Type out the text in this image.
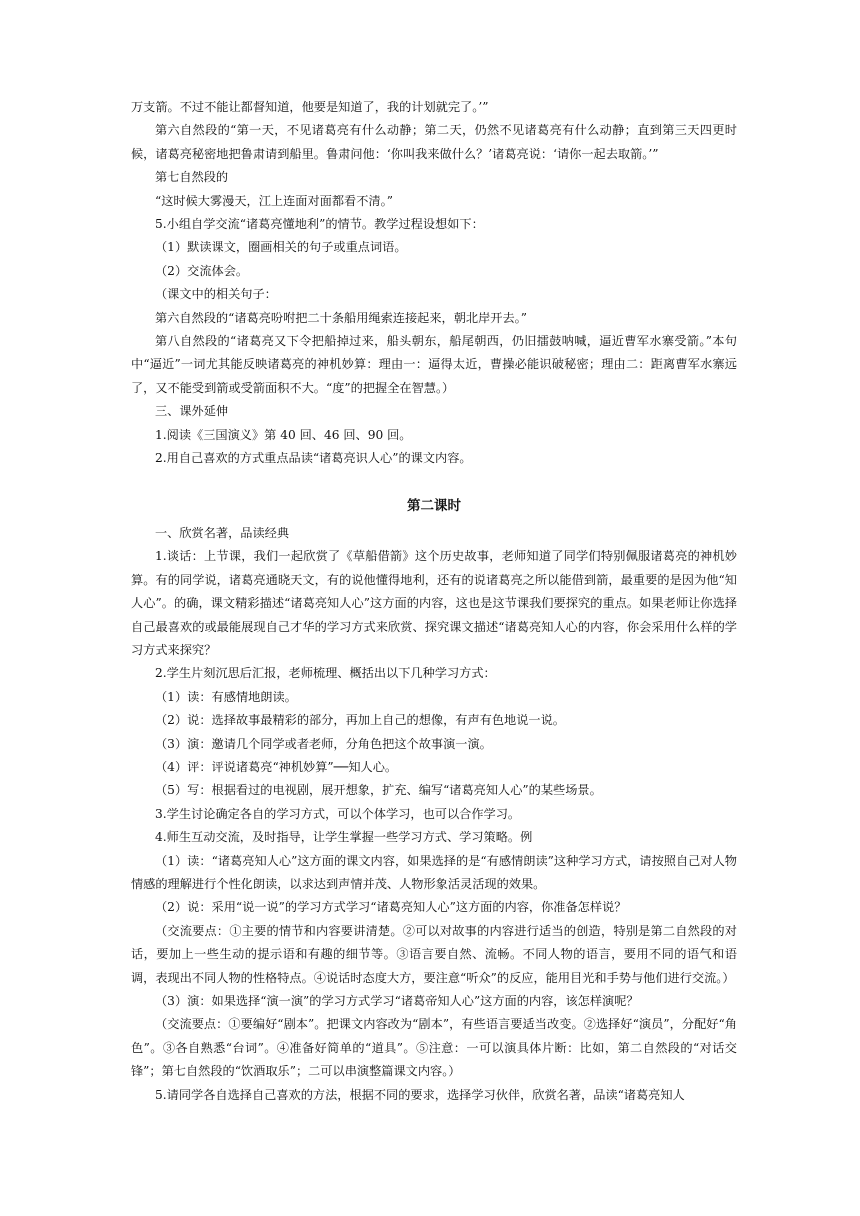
万支箭。不过不能让都督知道，他要是知道了，我的计划就完了。’”

第六自然段的“第一天，不见诸葛亮有什么动静；第二天，仍然不见诸葛亮有什么动静；直到第三天四更时候，诸葛亮秘密地把鲁肃请到船里。鲁肃问他：‘你叫我来做什么？’诸葛亮说：‘请你一起去取箭。’”

第七自然段的

“这时候大雾漫天，江上连面对面都看不清。”

5.小组自学交流“诸葛亮懂地利”的情节。教学过程设想如下：

（1）默读课文，圈画相关的句子或重点词语。

（2）交流体会。

（课文中的相关句子：

第六自然段的“诸葛亮吩咐把二十条船用绳索连接起来，朝北岸开去。”

第八自然段的“诸葛亮又下令把船掉过来，船头朝东，船尾朝西，仍旧擂鼓呐喊，逼近曹军水寨受箭。”本句中“逼近”一词尤其能反映诸葛亮的神机妙算：理由一：逼得太近，曹操必能识破秘密；理由二：距离曹军水寨远了，又不能受到箭或受箭面积不大。“度”的把握全在智慧。）

三、课外延伸

1.阅读《三国演义》第 40 回、46 回、90 回。

2.用自己喜欢的方式重点品读“诸葛亮识人心”的课文内容。

第二课时

一、欣赏名著，品读经典

1.谈话：上节课，我们一起欣赏了《草船借箭》这个历史故事，老师知道了同学们特别佩服诸葛亮的神机妙算。有的同学说，诸葛亮通晓天文，有的说他懂得地利，还有的说诸葛亮之所以能借到箭，最重要的是因为他“知人心”。的确，课文精彩描述“诸葛亮知人心”这方面的内容，这也是这节课我们要探究的重点。如果老师让你选择自己最喜欢的或最能展现自己才华的学习方式来欣赏、探究课文描述“诸葛亮知人心的内容，你会采用什么样的学习方式来探究？

2.学生片刻沉思后汇报，老师梳理、概括出以下几种学习方式：

（1）读：有感情地朗读。

（2）说：选择故事最精彩的部分，再加上自己的想像，有声有色地说一说。

（3）演：邀请几个同学或者老师，分角色把这个故事演一演。

（4）评：评说诸葛亮“神机妙算”──知人心。

（5）写：根据看过的电视剧，展开想象，扩充、编写“诸葛亮知人心”的某些场景。

3.学生讨论确定各自的学习方式，可以个体学习，也可以合作学习。

4.师生互动交流，及时指导，让学生掌握一些学习方式、学习策略。例

（1）读：“诸葛亮知人心”这方面的课文内容，如果选择的是“有感情朗读”这种学习方式，请按照自己对人物情感的理解进行个性化朗读，以求达到声情并茂、人物形象活灵活现的效果。

（2）说：采用“说一说”的学习方式学习“诸葛亮知人心”这方面的内容，你准备怎样说？

（交流要点：①主要的情节和内容要讲清楚。②可以对故事的内容进行适当的创造，特别是第二自然段的对话，要加上一些生动的提示语和有趣的细节等。③语言要自然、流畅。不同人物的语言，要用不同的语气和语调，表现出不同人物的性格特点。④说话时态度大方，要注意“听众”的反应，能用目光和手势与他们进行交流。）

（3）演：如果选择“演一演”的学习方式学习“诸葛帝知人心”这方面的内容，该怎样演呢？

（交流要点：①要编好“剧本”。把课文内容改为“剧本”，有些语言要适当改变。②选择好“演员”，分配好“角色”。③各自熟悉“台词”。④准备好简单的“道具”。⑤注意：一可以演具体片断：比如，第二自然段的“对话交锋”；第七自然段的“饮酒取乐”；二可以串演整篇课文内容。）

5.请同学各自选择自己喜欢的方法，根据不同的要求，选择学习伙伴，欣赏名著，品读“诸葛亮知人
